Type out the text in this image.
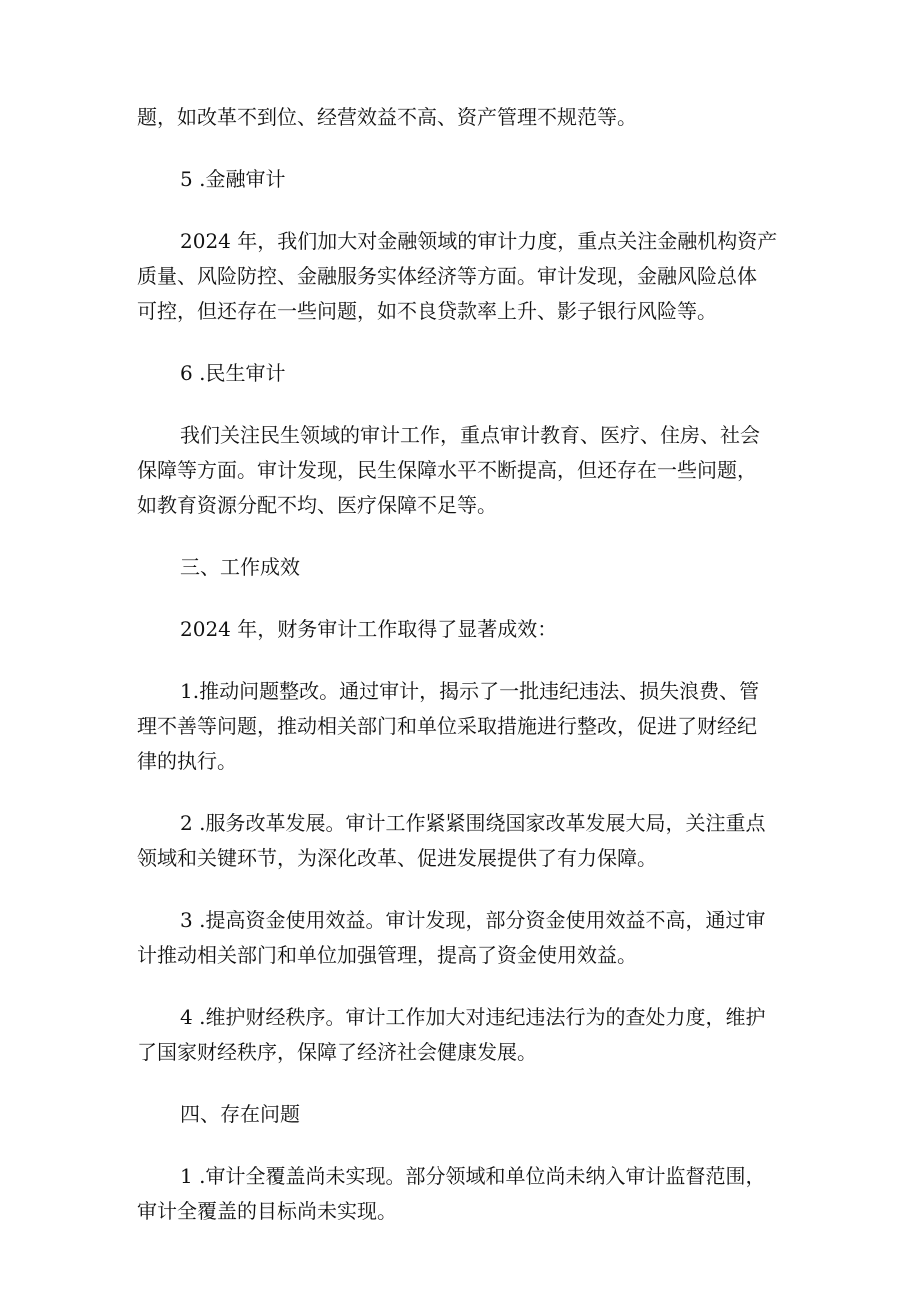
题，如改革不到位、经营效益不高、资产管理不规范等。
5 .金融审计
2024 年，我们加大对金融领域的审计力度，重点关注金融机构资产
质量、风险防控、金融服务实体经济等方面。审计发现，金融风险总体
可控，但还存在一些问题，如不良贷款率上升、影子银行风险等。
6 .民生审计
我们关注民生领域的审计工作，重点审计教育、医疗、住房、社会
保障等方面。审计发现，民生保障水平不断提高，但还存在一些问题，
如教育资源分配不均、医疗保障不足等。
三、工作成效
2024 年，财务审计工作取得了显著成效：
1.推动问题整改。通过审计，揭示了一批违纪违法、损失浪费、管
理不善等问题，推动相关部门和单位采取措施进行整改，促进了财经纪
律的执行。
2 .服务改革发展。审计工作紧紧围绕国家改革发展大局，关注重点
领域和关键环节，为深化改革、促进发展提供了有力保障。
3 .提高资金使用效益。审计发现，部分资金使用效益不高，通过审
计推动相关部门和单位加强管理，提高了资金使用效益。
4 .维护财经秩序。审计工作加大对违纪违法行为的查处力度，维护
了国家财经秩序，保障了经济社会健康发展。
四、存在问题
1 .审计全覆盖尚未实现。部分领域和单位尚未纳入审计监督范围，
审计全覆盖的目标尚未实现。
